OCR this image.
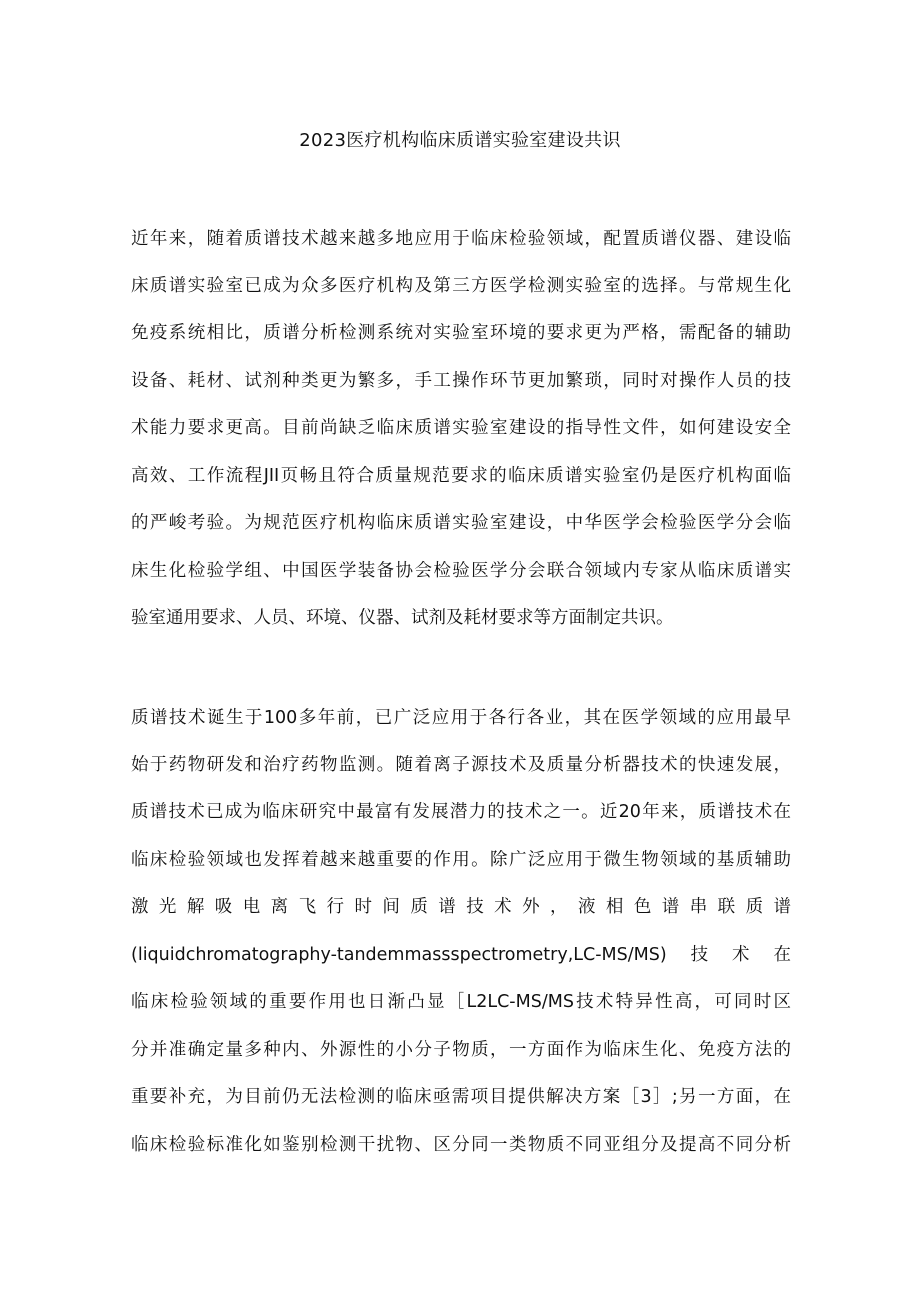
2023医疗机构临床质谱实验室建设共识
近年来，随着质谱技术越来越多地应用于临床检验领域，配置质谱仪器、建设临
床质谱实验室已成为众多医疗机构及第三方医学检测实验室的选择。与常规生化
免疫系统相比，质谱分析检测系统对实验室环境的要求更为严格，需配备的辅助
设备、耗材、试剂种类更为繁多，手工操作环节更加繁琐，同时对操作人员的技
术能力要求更高。目前尚缺乏临床质谱实验室建设的指导性文件，如何建设安全
高效、工作流程JII页畅且符合质量规范要求的临床质谱实验室仍是医疗机构面临
的严峻考验。为规范医疗机构临床质谱实验室建设，中华医学会检验医学分会临
床生化检验学组、中国医学装备协会检验医学分会联合领域内专家从临床质谱实
验室通用要求、人员、环境、仪器、试剂及耗材要求等方面制定共识。
质谱技术诞生于100多年前，已广泛应用于各行各业，其在医学领域的应用最早
始于药物研发和治疗药物监测。随着离子源技术及质量分析器技术的快速发展，
质谱技术已成为临床研究中最富有发展潜力的技术之一。近20年来，质谱技术在
临床检验领域也发挥着越来越重要的作用。除广泛应用于微生物领域的基质辅助
激光解吸电离飞行时间质谱技术外，液相色谱串联质谱
(liquidchromatography-tandemmassspectrometry,LC-MS/MS)技术在
临床检验领域的重要作用也日渐凸显［L2LC-MS/MS技术特异性高，可同时区
分并准确定量多种内、外源性的小分子物质，一方面作为临床生化、免疫方法的
重要补充，为目前仍无法检测的临床亟需项目提供解决方案［3］;另一方面，在
临床检验标准化如鉴别检测干扰物、区分同一类物质不同亚组分及提高不同分析
